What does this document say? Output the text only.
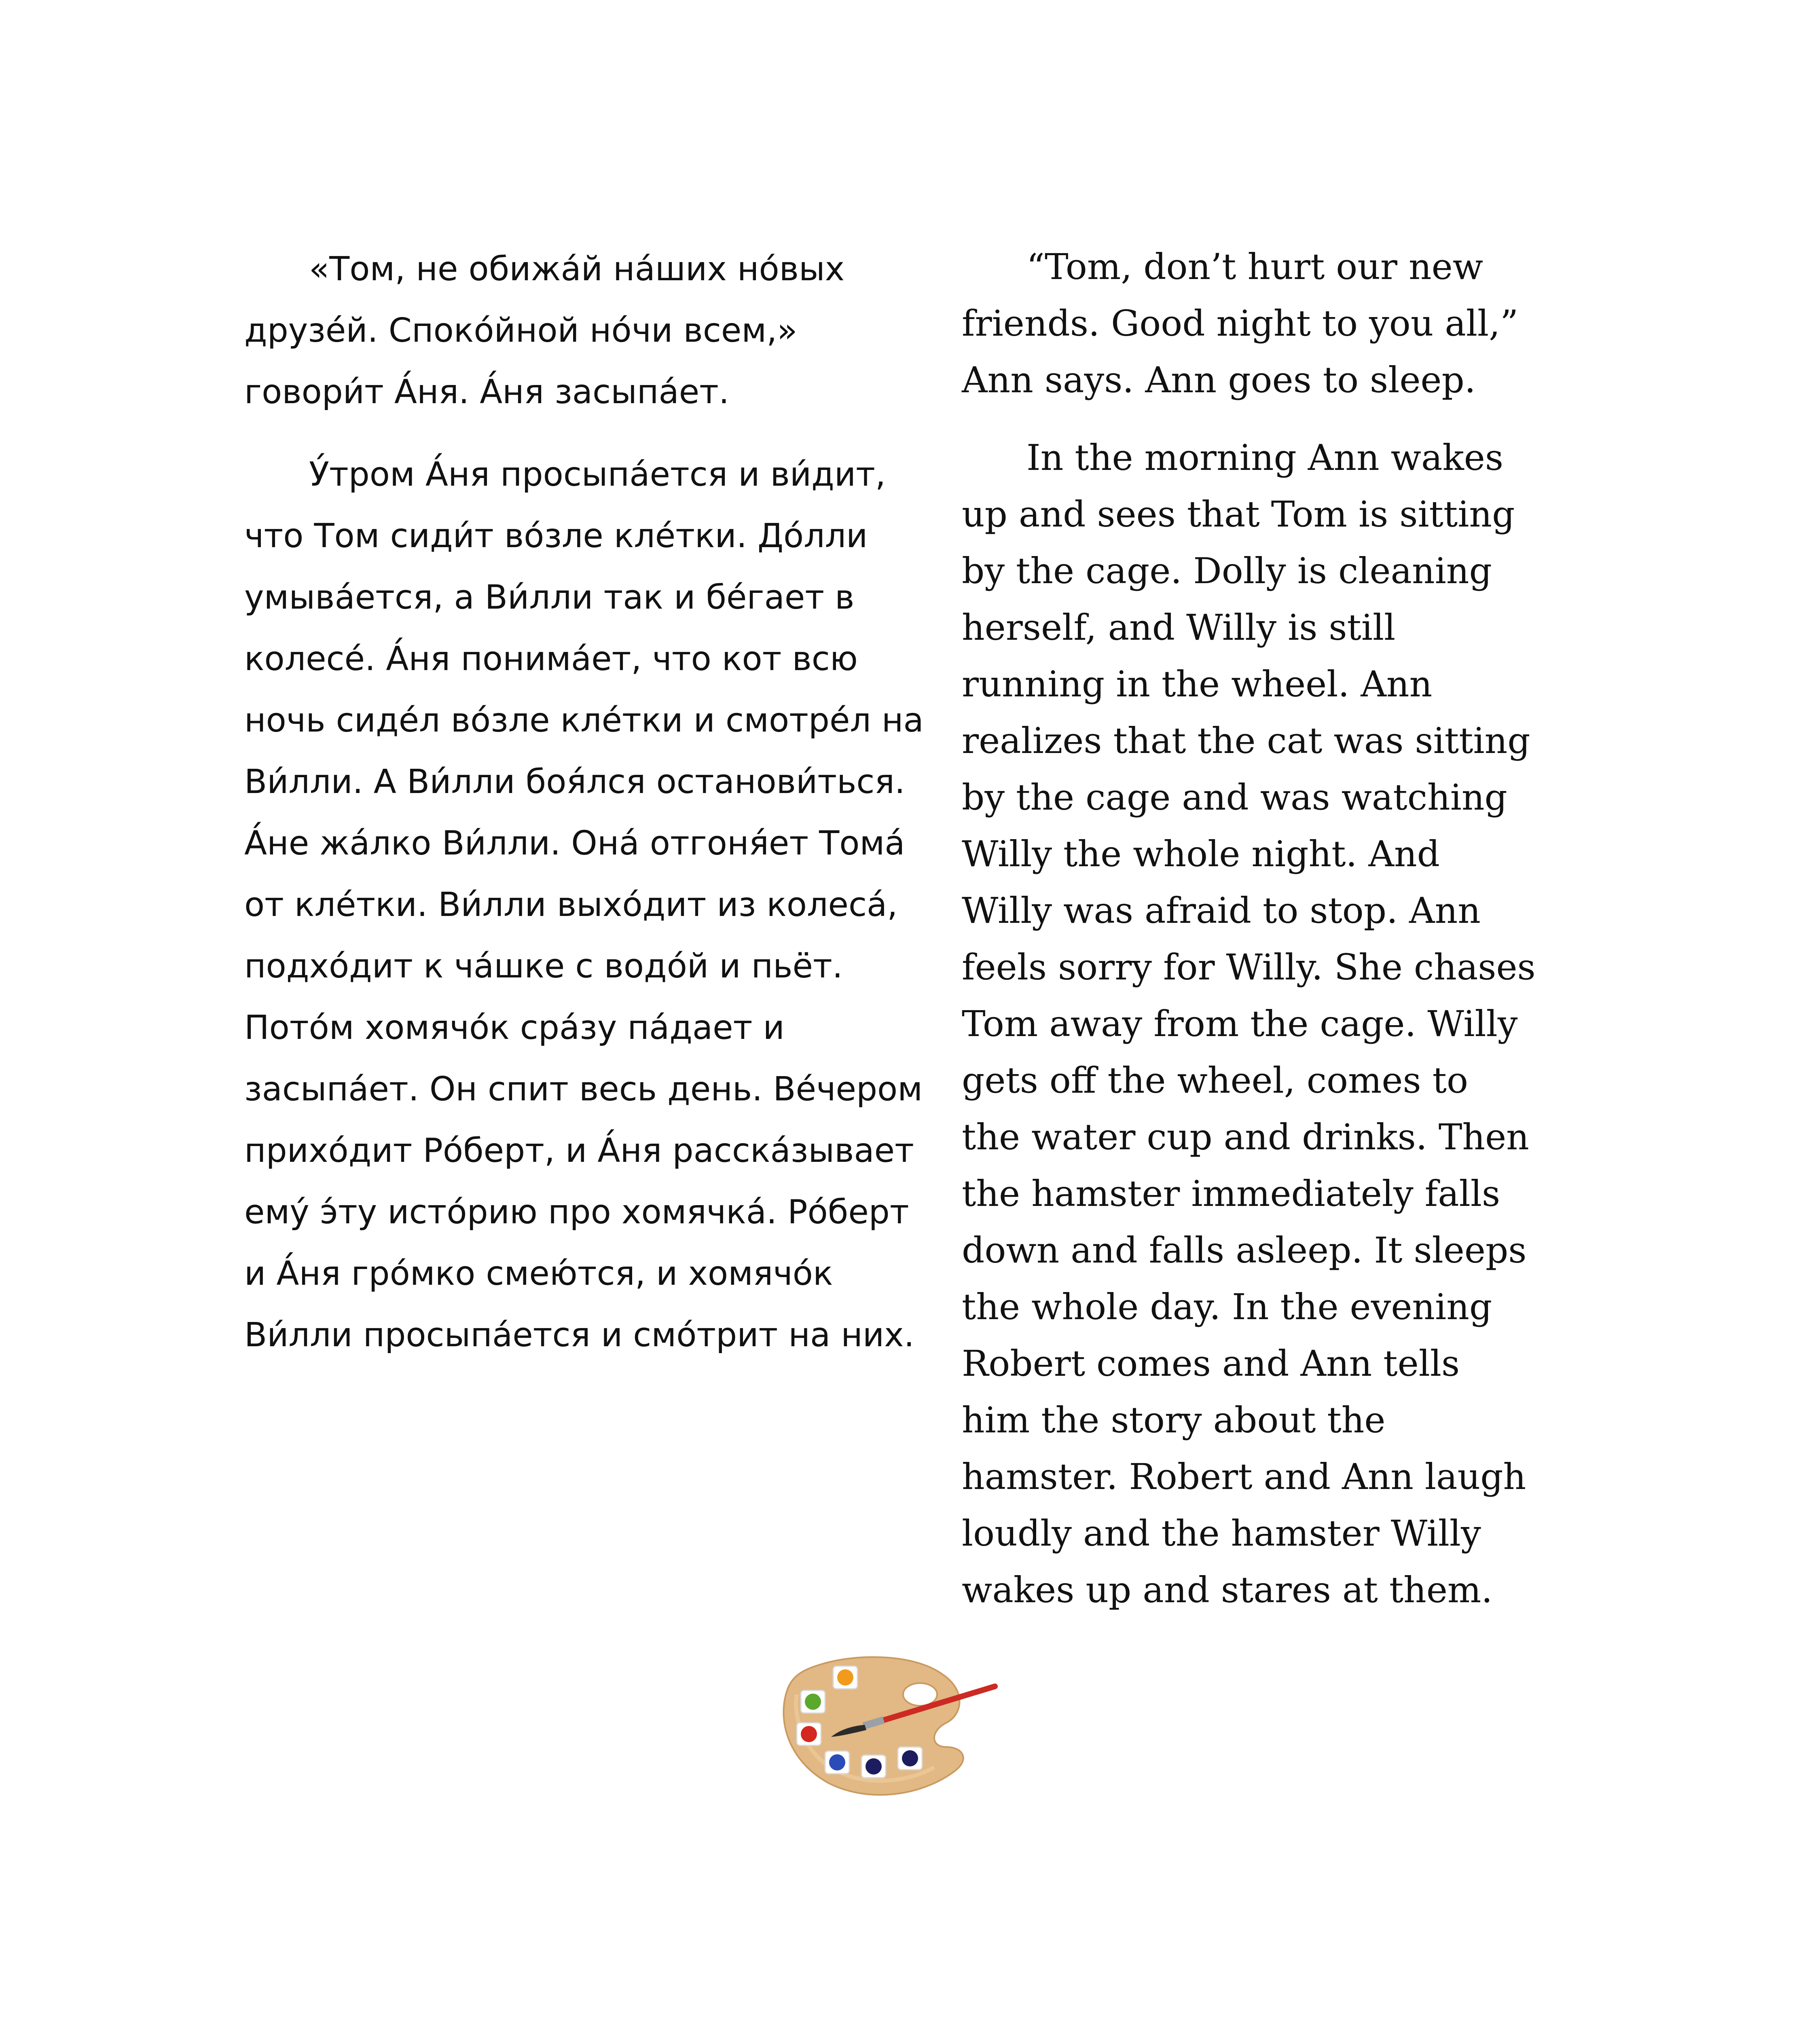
«Том, не обижа́й на́ших но́вых друзе́й. Споко́йной но́чи всем,» говори́т А́ня. А́ня засыпа́ет.

У́тром А́ня просыпа́ется и ви́дит, что Том сиди́т во́зле кле́тки. До́лли умыва́ется, а Ви́лли так и бе́гает в колесе́. А́ня понима́ет, что кот всю ночь сиде́л во́зле кле́тки и смотре́л на Ви́лли. А Ви́лли боя́лся останови́ться. А́не жа́лко Ви́лли. Она́ отгоня́ет Тома́ от кле́тки. Ви́лли выхо́дит из колеса́, подхо́дит к ча́шке с водо́й и пьёт. Пото́м хомячо́к сра́зу па́дает и засыпа́ет. Он спит весь день. Ве́чером прихо́дит Ро́берт, и А́ня расска́зывает ему́ э́ту исто́рию про хомячка́. Ро́берт и А́ня гро́мко смею́тся, и хомячо́к Ви́лли просыпа́ется и смо́трит на них.

“Tom, don’t hurt our new friends. Good night to you all,” Ann says. Ann goes to sleep.

In the morning Ann wakes up and sees that Tom is sitting by the cage. Dolly is cleaning herself, and Willy is still running in the wheel. Ann realizes that the cat was sitting by the cage and was watching Willy the whole night. And Willy was afraid to stop. Ann feels sorry for Willy. She chases Tom away from the cage. Willy gets off the wheel, comes to the water cup and drinks. Then the hamster immediately falls down and falls asleep. It sleeps the whole day. In the evening Robert comes and Ann tells him the story about the hamster. Robert and Ann laugh loudly and the hamster Willy wakes up and stares at them.
